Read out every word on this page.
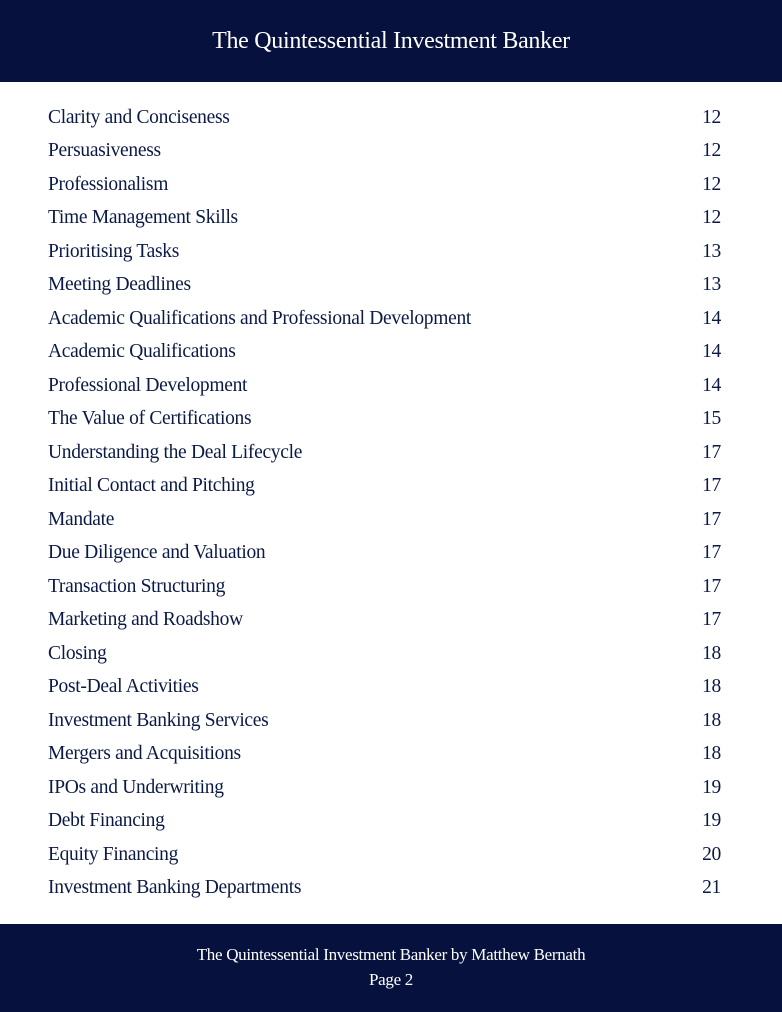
The Quintessential Investment Banker
Clarity and Conciseness	12
Persuasiveness	12
Professionalism	12
Time Management Skills	12
Prioritising Tasks	13
Meeting Deadlines	13
Academic Qualifications and Professional Development	14
Academic Qualifications	14
Professional Development	14
The Value of Certifications	15
Understanding the Deal Lifecycle	17
Initial Contact and Pitching	17
Mandate	17
Due Diligence and Valuation	17
Transaction Structuring	17
Marketing and Roadshow	17
Closing	18
Post-Deal Activities	18
Investment Banking Services	18
Mergers and Acquisitions	18
IPOs and Underwriting	19
Debt Financing	19
Equity Financing	20
Investment Banking Departments	21
The Quintessential Investment Banker by Matthew Bernath
Page 2
